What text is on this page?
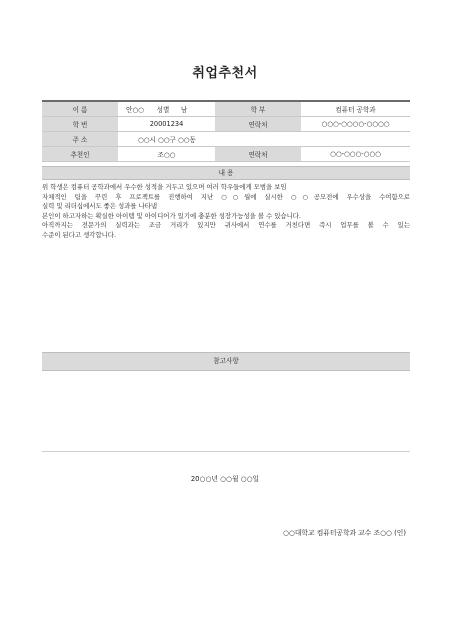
취업추천서
이 름	안○○	성별	남		학 부	컴퓨터 공학과
학 번	20001234				연락처	○○○-○○○○-○○○○
주 소	○○시 ○○구 ○○동					
추천인	조○○				연락처	○○-○○○-○○○
내 용
위 학생은 컴퓨터 공학과에서 우수한 성적을 거두고 있으며 여러 학우들에게 모범을 보임
자체적인 팀을 꾸린 후 프로젝트를 진행하여 지난 ○○월에 실시한 ○○공모전에 우수상을 수여함으로
실력 및 리더십에서도 좋은 성과를 나타냄
본인이 하고자하는 확실한 아이템 및 아이디어가 있기에 충분한 성장가능성을 볼 수 있습니다.
아직까지는 전문가의 실력과는 조금 거리가 있지만 귀사에서 연수를 거친다면 즉시 업무를 볼 수 있는
수준이 된다고 생각합니다.
참고사항
20○○년 ○○월 ○○일
○○대학교 컴퓨터공학과 교수 조○○ (인)
